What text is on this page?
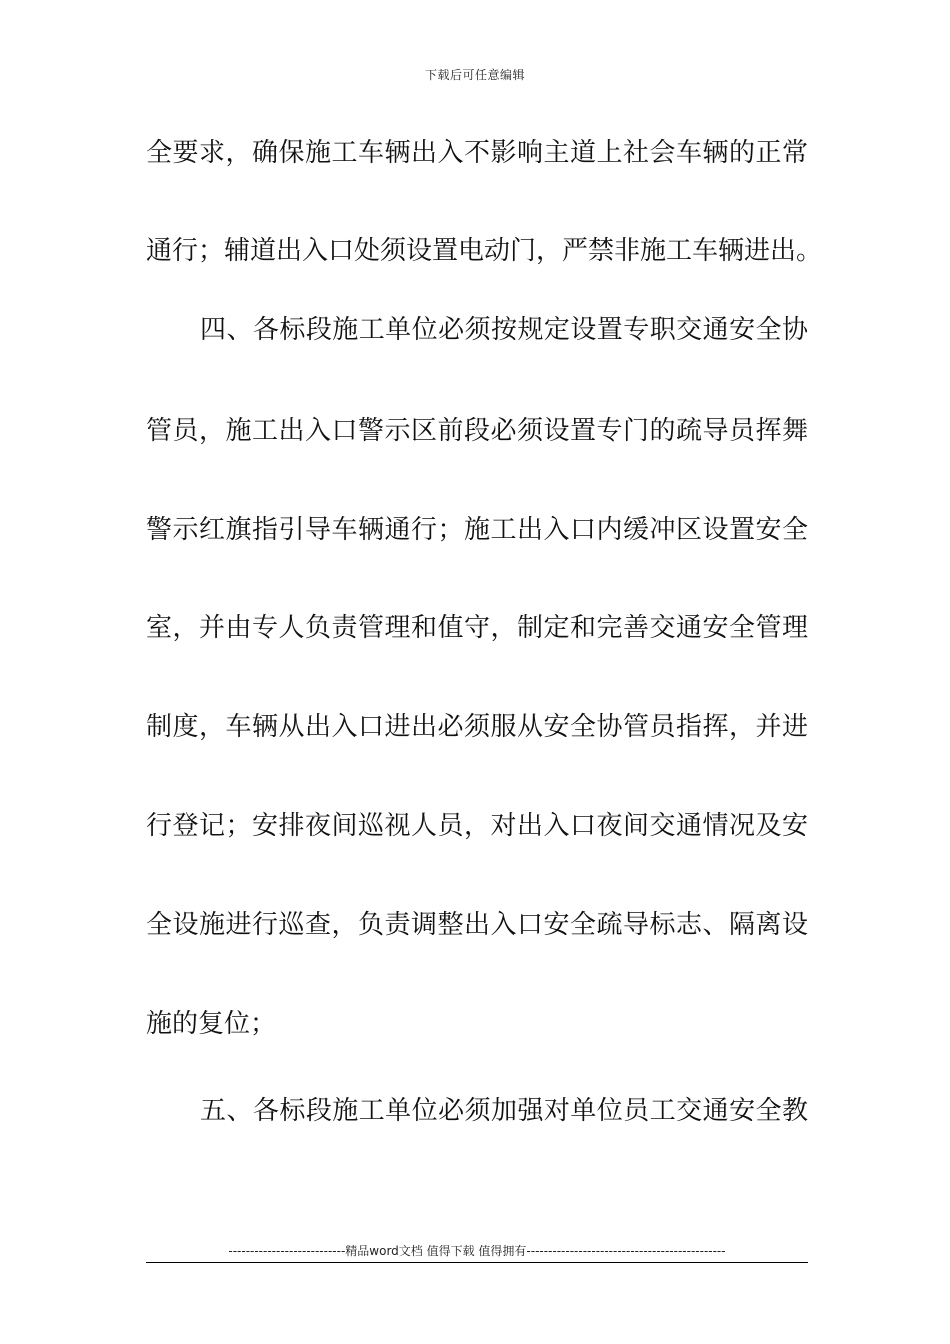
下载后可任意编辑
全要求，确保施工车辆出入不影响主道上社会车辆的正常
通行；辅道出入口处须设置电动门，严禁非施工车辆进出。
四、各标段施工单位必须按规定设置专职交通安全协
管员，施工出入口警示区前段必须设置专门的疏导员挥舞
警示红旗指引导车辆通行；施工出入口内缓冲区设置安全
室，并由专人负责管理和值守，制定和完善交通安全管理
制度，车辆从出入口进出必须服从安全协管员指挥，并进
行登记；安排夜间巡视人员，对出入口夜间交通情况及安
全设施进行巡查，负责调整出入口安全疏导标志、隔离设
施的复位；
五、各标段施工单位必须加强对单位员工交通安全教
---------------------------精品word文档 值得下载 值得拥有----------------------------------------------
